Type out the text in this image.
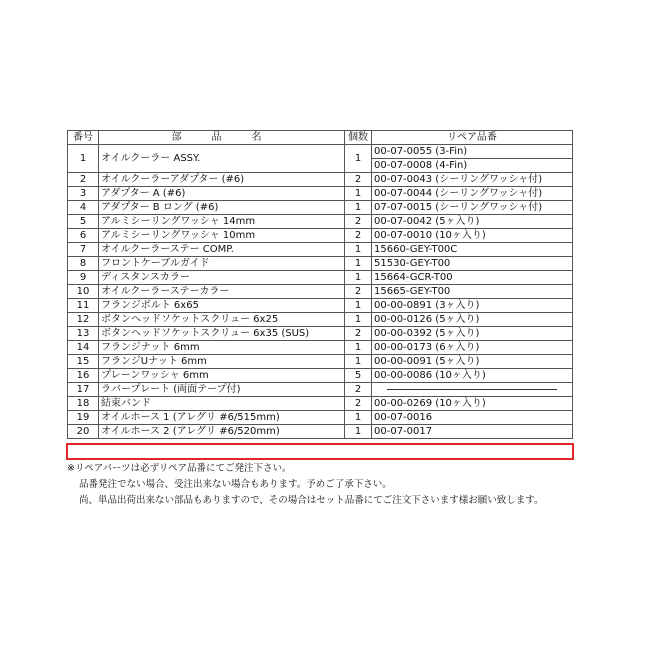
番号	部　品　名	個数	リペア品番
1	オイルクーラー ASSY.	1	00-07-0055 (3-Fin)
			00-07-0008 (4-Fin)
2	オイルクーラーアダプター (#6)	2	00-07-0043 (シーリングワッシャ付)
3	アダプター A (#6)	1	00-07-0044 (シーリングワッシャ付)
4	アダプター B ロング (#6)	1	07-07-0015 (シーリングワッシャ付)
5	アルミシーリングワッシャ 14mm	2	00-07-0042 (5ヶ入り)
6	アルミシーリングワッシャ 10mm	2	00-07-0010 (10ヶ入り)
7	オイルクーラーステー COMP.	1	15660-GEY-T00C
8	フロントケーブルガイド	1	51530-GEY-T00
9	ディスタンスカラー	1	15664-GCR-T00
10	オイルクーラーステーカラー	2	15665-GEY-T00
11	フランジボルト 6x65	1	00-00-0891 (3ヶ入り)
12	ボタンヘッドソケットスクリュー 6x25	1	00-00-0126 (5ヶ入り)
13	ボタンヘッドソケットスクリュー 6x35 (SUS)	2	00-00-0392 (5ヶ入り)
14	フランジナット 6mm	1	00-00-0173 (6ヶ入り)
15	フランジUナット 6mm	1	00-00-0091 (5ヶ入り)
16	プレーンワッシャ 6mm	5	00-00-0086 (10ヶ入り)
17	ラバープレート (両面テープ付)	2	
18	結束バンド	2	00-00-0269 (10ヶ入り)
19	オイルホース 1 (アレグリ #6/515mm)	1	00-07-0016
20	オイルホース 2 (アレグリ #6/520mm)	1	00-07-0017
※リペアパーツは必ずリペア品番にてご発注下さい。
品番発注でない場合、受注出来ない場合もあります。予めご了承下さい。
尚、単品出荷出来ない部品もありますので、その場合はセット品番にてご注文下さいます様お願い致します。
